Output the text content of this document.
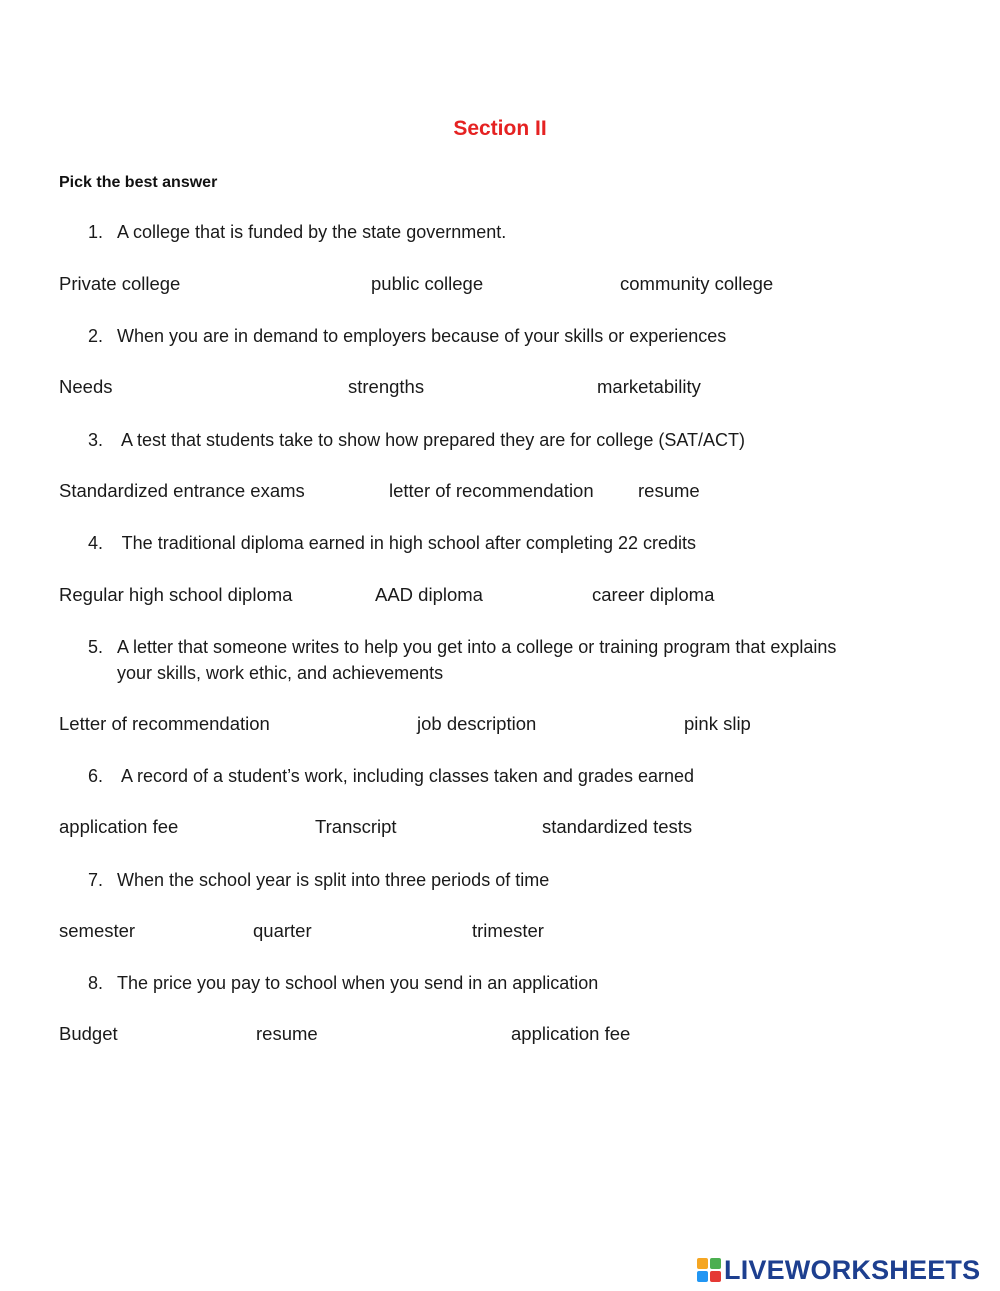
Section II
Pick the best answer
1. A college that is funded by the state government.
Private college	public college	community college
2. When you are in demand to employers because of your skills or experiences
Needs	strengths	marketability
3. A test that students take to show how prepared they are for college (SAT/ACT)
Standardized entrance exams	letter of recommendation resume
4. The traditional diploma earned in high school after completing 22 credits
Regular high school diploma	AAD diploma	career diploma
5. A letter that someone writes to help you get into a college or training program that explains
your skills, work ethic, and achievements
Letter of recommendation	job description	pink slip
6. A record of a student’s work, including classes taken and grades earned
application fee	Transcript	standardized tests
7. When the school year is split into three periods of time
semester	quarter	trimester
8. The price you pay to school when you send in an application
Budget	resume	application fee
LIVEWORKSHEETS
